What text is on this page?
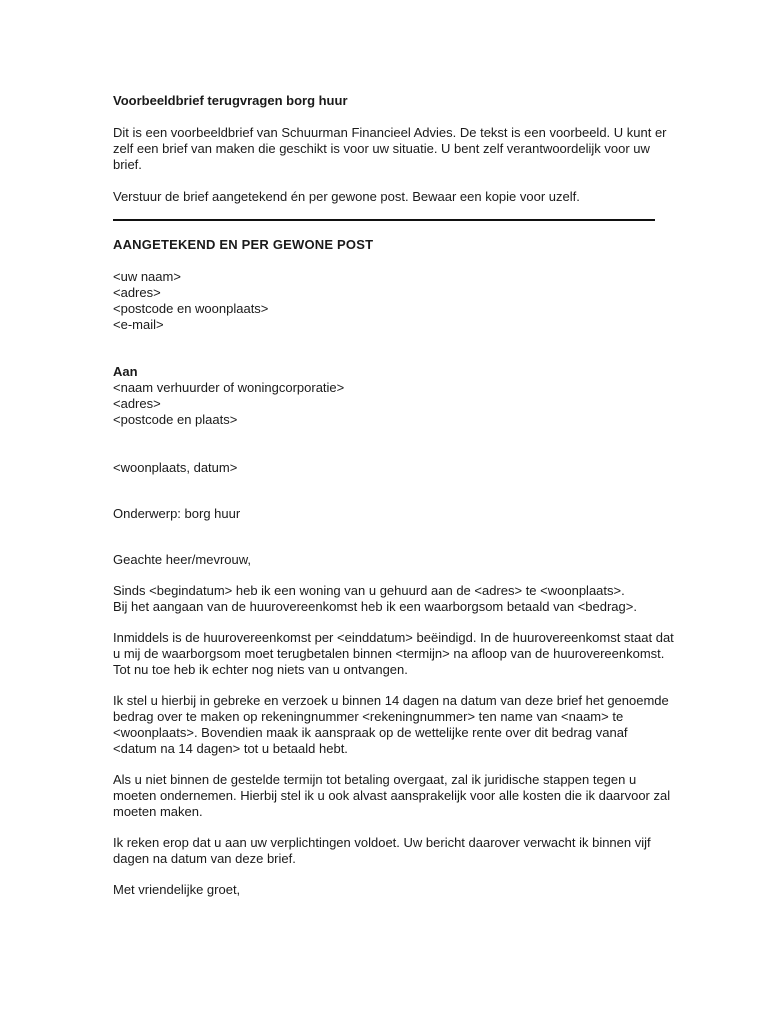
Voorbeeldbrief terugvragen borg huur
Dit is een voorbeeldbrief van Schuurman Financieel Advies. De tekst is een voorbeeld. U kunt er
zelf een brief van maken die geschikt is voor uw situatie. U bent zelf verantwoordelijk voor uw
brief.

Verstuur de brief aangetekend én per gewone post. Bewaar een kopie voor uzelf.

AANGETEKEND EN PER GEWONE POST
<uw naam>
<adres>
<postcode en woonplaats>
<e-mail>
Aan
<naam verhuurder of woningcorporatie>
<adres>
<postcode en plaats>

<woonplaats, datum>

Onderwerp: borg huur

Geachte heer/mevrouw,

Sinds <begindatum> heb ik een woning van u gehuurd aan de <adres> te <woonplaats>.
Bij het aangaan van de huurovereenkomst heb ik een waarborgsom betaald van <bedrag>.
Inmiddels is de huurovereenkomst per <einddatum> beëindigd. In de huurovereenkomst staat dat
u mij de waarborgsom moet terugbetalen binnen <termijn> na afloop van de huurovereenkomst.
Tot nu toe heb ik echter nog niets van u ontvangen.
Ik stel u hierbij in gebreke en verzoek u binnen 14 dagen na datum van deze brief het genoemde
bedrag over te maken op rekeningnummer <rekeningnummer> ten name van <naam> te
<woonplaats>. Bovendien maak ik aanspraak op de wettelijke rente over dit bedrag vanaf
<datum na 14 dagen> tot u betaald hebt.
Als u niet binnen de gestelde termijn tot betaling overgaat, zal ik juridische stappen tegen u
moeten ondernemen. Hierbij stel ik u ook alvast aansprakelijk voor alle kosten die ik daarvoor zal
moeten maken.
Ik reken erop dat u aan uw verplichtingen voldoet. Uw bericht daarover verwacht ik binnen vijf
dagen na datum van deze brief.

Met vriendelijke groet,
